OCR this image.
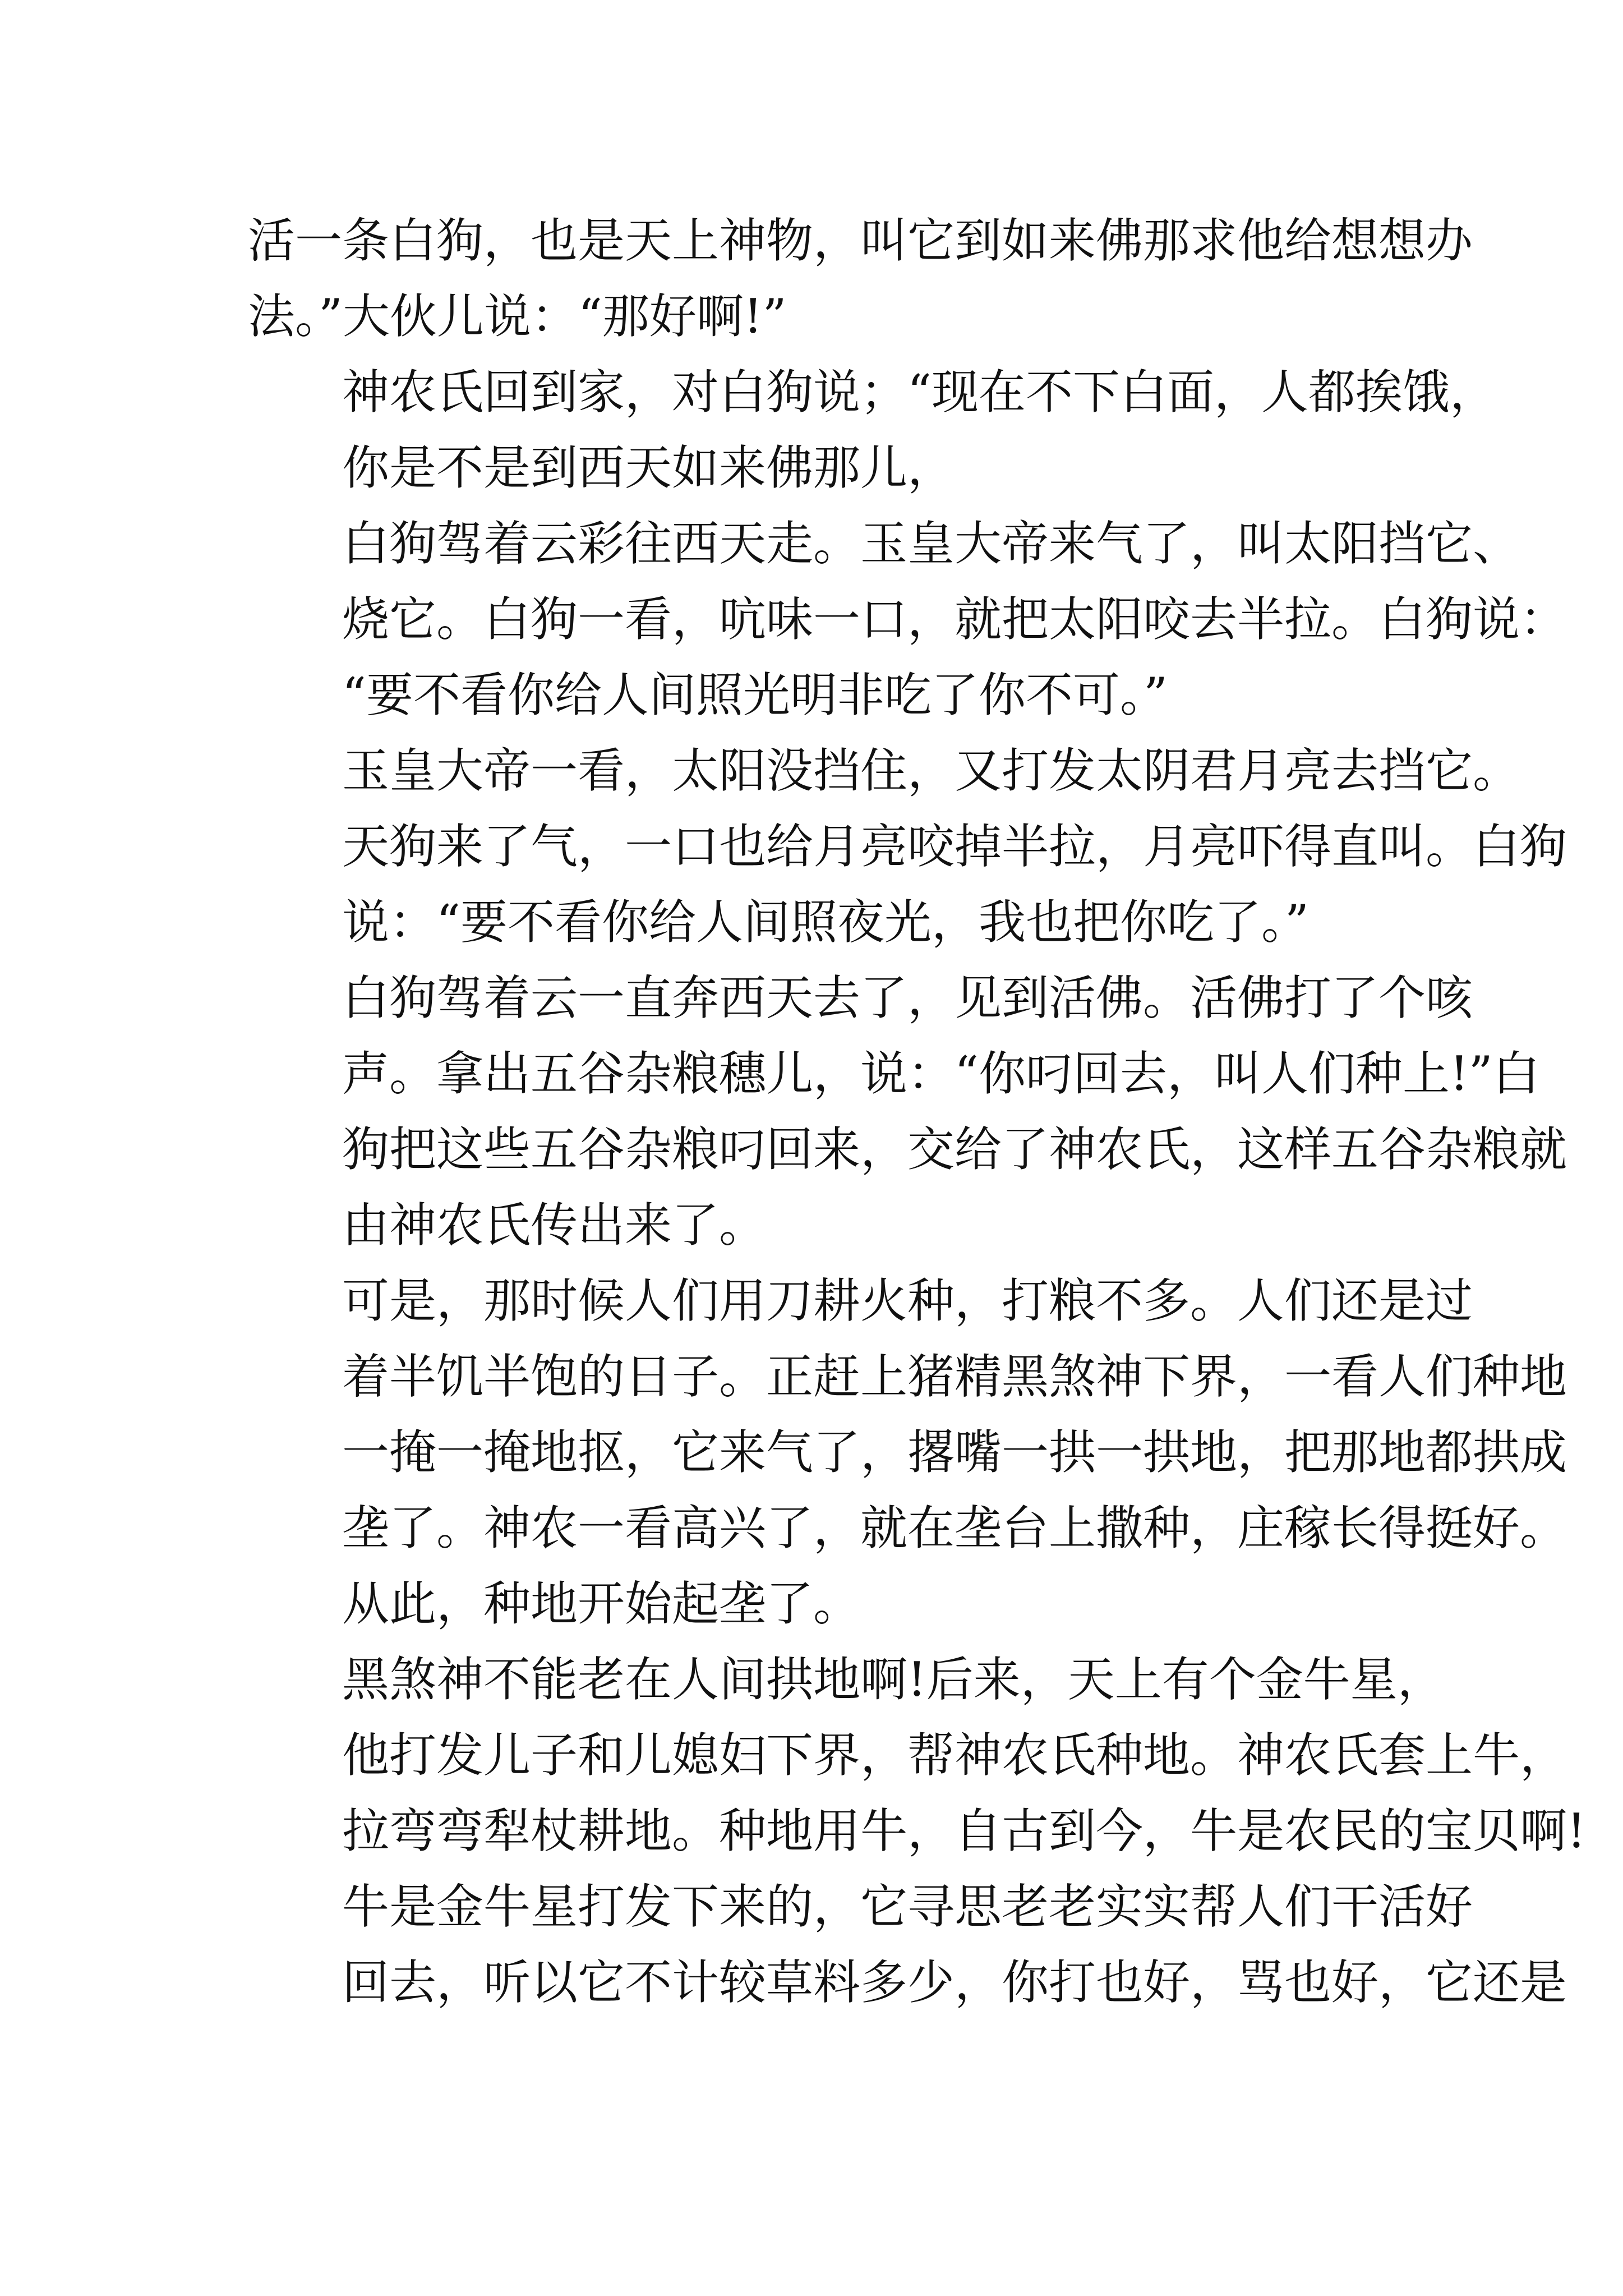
活一条白狗，也是天上神物，叫它到如来佛那求他给想想办
法。”大伙儿说：“那好啊!”

神农氏回到家，对白狗说；“现在不下白面，人都挨饿，
你是不是到西天如来佛那儿，

白狗驾着云彩往西天走。玉皇大帝来气了，叫太阳挡它、
烧它。白狗一看，吭味一口，就把太阳咬去半拉。白狗说：
“要不看你给人间照光明非吃了你不可。”

玉皇大帝一看，太阳没挡住，又打发太阴君月亮去挡它。
天狗来了气，一口也给月亮咬掉半拉，月亮吓得直叫。白狗
说：“要不看你给人间照夜光，我也把你吃了。”

白狗驾着云一直奔西天去了，见到活佛。活佛打了个咳
声。拿出五谷杂粮穗儿，说：“你叼回去，叫人们种上!”白
狗把这些五谷杂粮叼回来，交给了神农氏，这样五谷杂粮就
由神农氏传出来了。

可是，那时候人们用刀耕火种，打粮不多。人们还是过
着半饥半饱的日子。正赶上猪精黑煞神下界，一看人们种地
一掩一掩地抠，它来气了，撂嘴一拱一拱地，把那地都拱成
垄了。神农一看高兴了，就在垄台上撒种，庄稼长得挺好。
从此，种地开始起垄了。

黑煞神不能老在人间拱地啊!后来，天上有个金牛星，
他打发儿子和儿媳妇下界，帮神农氏种地。神农氏套上牛，
拉弯弯犁杖耕地。种地用牛，自古到今，牛是农民的宝贝啊!

牛是金牛星打发下来的，它寻思老老实实帮人们干活好
回去，听以它不计较草料多少，你打也好，骂也好，它还是
